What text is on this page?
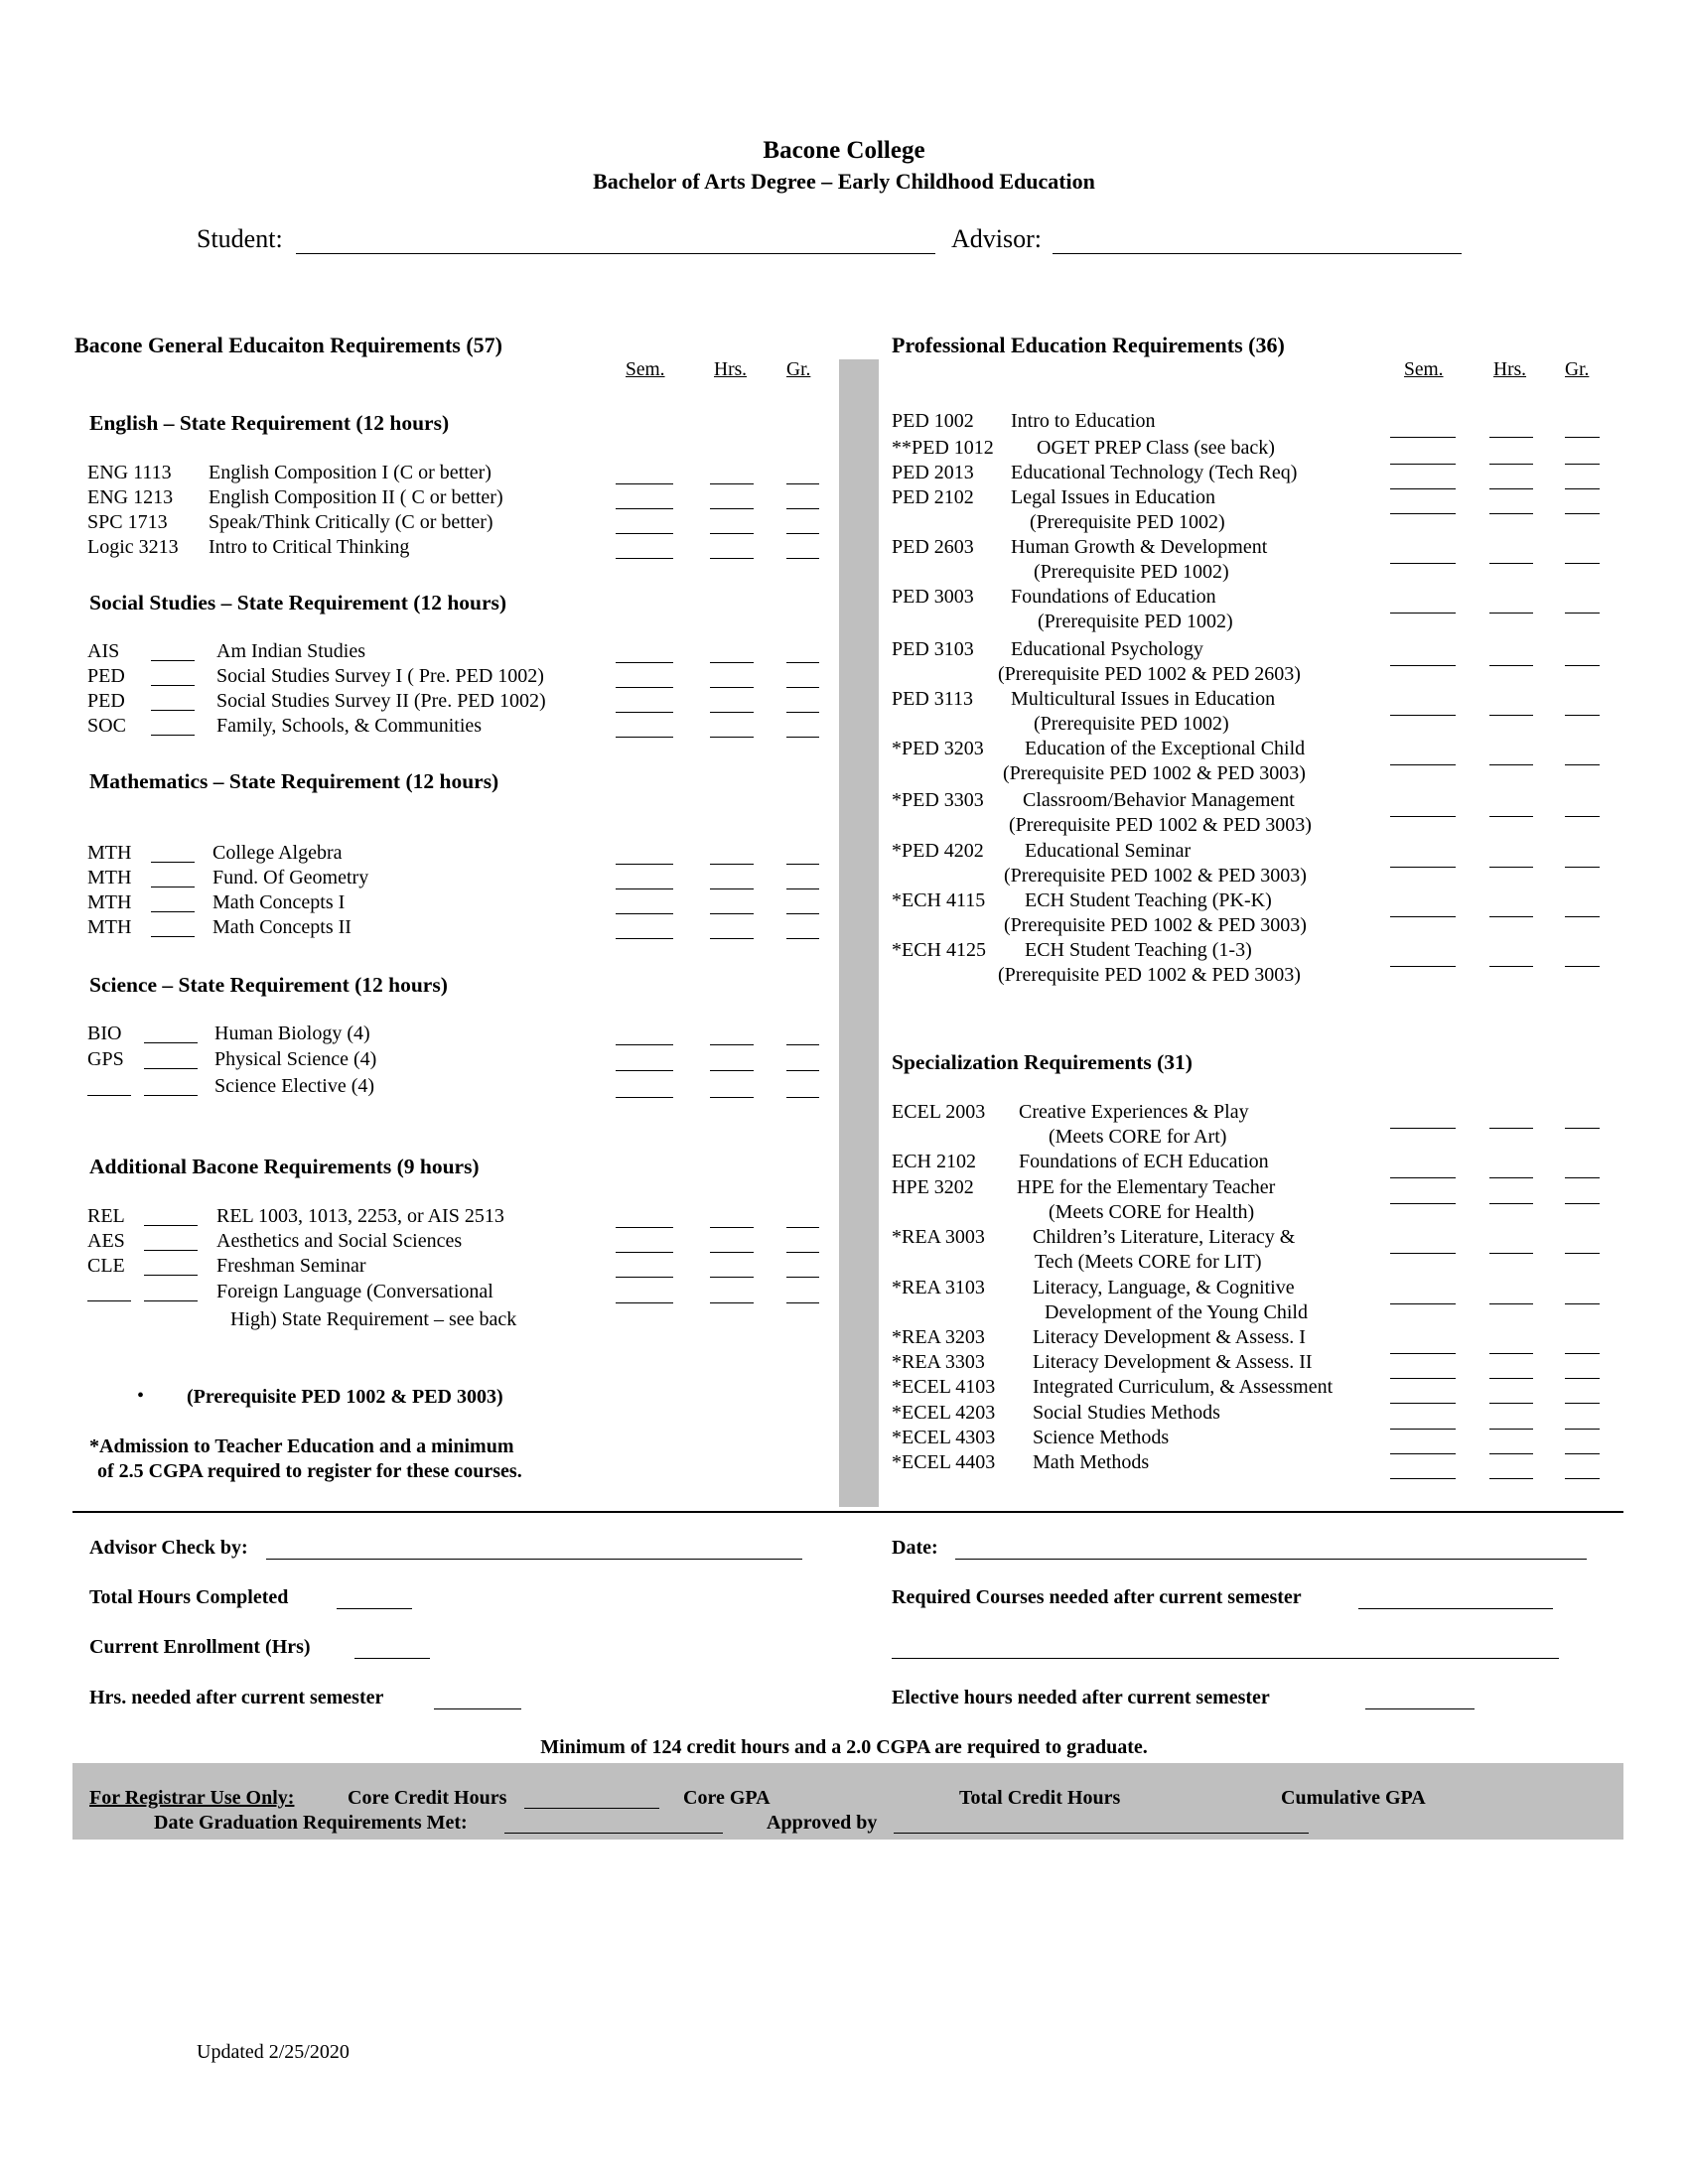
Bacone College
Bachelor of Arts Degree – Early Childhood Education
Student:	Advisor:
Bacone General Educaiton Requirements (57)
Sem.	Hrs. Gr.
English – State Requirement (12 hours)
ENG 1113 English Composition I (C or better)
ENG 1213 English Composition II ( C or better)
SPC 1713 Speak/Think Critically (C or better)
Logic 3213 Intro to Critical Thinking
Social Studies – State Requirement (12 hours)
AIS	Am Indian Studies
PED	Social Studies Survey I ( Pre. PED 1002)
PED	Social Studies Survey II (Pre. PED 1002)
SOC	Family, Schools, & Communities
Mathematics – State Requirement (12 hours)
MTH	College Algebra
MTH	Fund. Of Geometry
MTH	Math Concepts I
MTH	Math Concepts II
Science – State Requirement (12 hours)
BIO	Human Biology (4)
GPS	Physical Science (4)
Science Elective (4)
Additional Bacone Requirements (9 hours)
REL	REL 1003, 1013, 2253, or AIS 2513
AES	Aesthetics and Social Sciences
CLE	Freshman Seminar
Foreign Language (Conversational
High) State Requirement – see back
• (Prerequisite PED 1002 & PED 3003)
*Admission to Teacher Education and a minimum
of 2.5 CGPA required to register for these courses.
Professional Education Requirements (36)
Sem.	Hrs. Gr.
PED 1002 Intro to Education
**PED 1012 OGET PREP Class (see back)
PED 2013 Educational Technology (Tech Req)
PED 2102 Legal Issues in Education
(Prerequisite PED 1002)
PED 2603 Human Growth & Development
(Prerequisite PED 1002)
PED 3003 Foundations of Education
(Prerequisite PED 1002)
PED 3103 Educational Psychology
(Prerequisite PED 1002 & PED 2603)
PED 3113 Multicultural Issues in Education
(Prerequisite PED 1002)
*PED 3203 Education of the Exceptional Child
(Prerequisite PED 1002 & PED 3003)
*PED 3303 Classroom/Behavior Management
(Prerequisite PED 1002 & PED 3003)
*PED 4202 Educational Seminar
(Prerequisite PED 1002 & PED 3003)
*ECH 4115 ECH Student Teaching (PK-K)
(Prerequisite PED 1002 & PED 3003)
*ECH 4125 ECH Student Teaching (1-3)
(Prerequisite PED 1002 & PED 3003)
Specialization Requirements (31)
ECEL 2003 Creative Experiences & Play
(Meets CORE for Art)
ECH 2102 Foundations of ECH Education
HPE 3202 HPE for the Elementary Teacher
(Meets CORE for Health)
*REA 3003 Children’s Literature, Literacy &
Tech (Meets CORE for LIT)
*REA 3103 Literacy, Language, & Cognitive
Development of the Young Child
*REA 3203 Literacy Development & Assess. I
*REA 3303 Literacy Development & Assess. II
*ECEL 4103 Integrated Curriculum, & Assessment
*ECEL 4203 Social Studies Methods
*ECEL 4303 Science Methods
*ECEL 4403 Math Methods
Advisor Check by:	Date:
Total Hours Completed	Required Courses needed after current semester
Current Enrollment (Hrs)
Hrs. needed after current semester	Elective hours needed after current semester
Minimum of 124 credit hours and a 2.0 CGPA are required to graduate.
For Registrar Use Only:	Core Credit Hours	Core GPA	Total Credit Hours	Cumulative GPA
Date Graduation Requirements Met:	Approved by
Updated 2/25/2020
